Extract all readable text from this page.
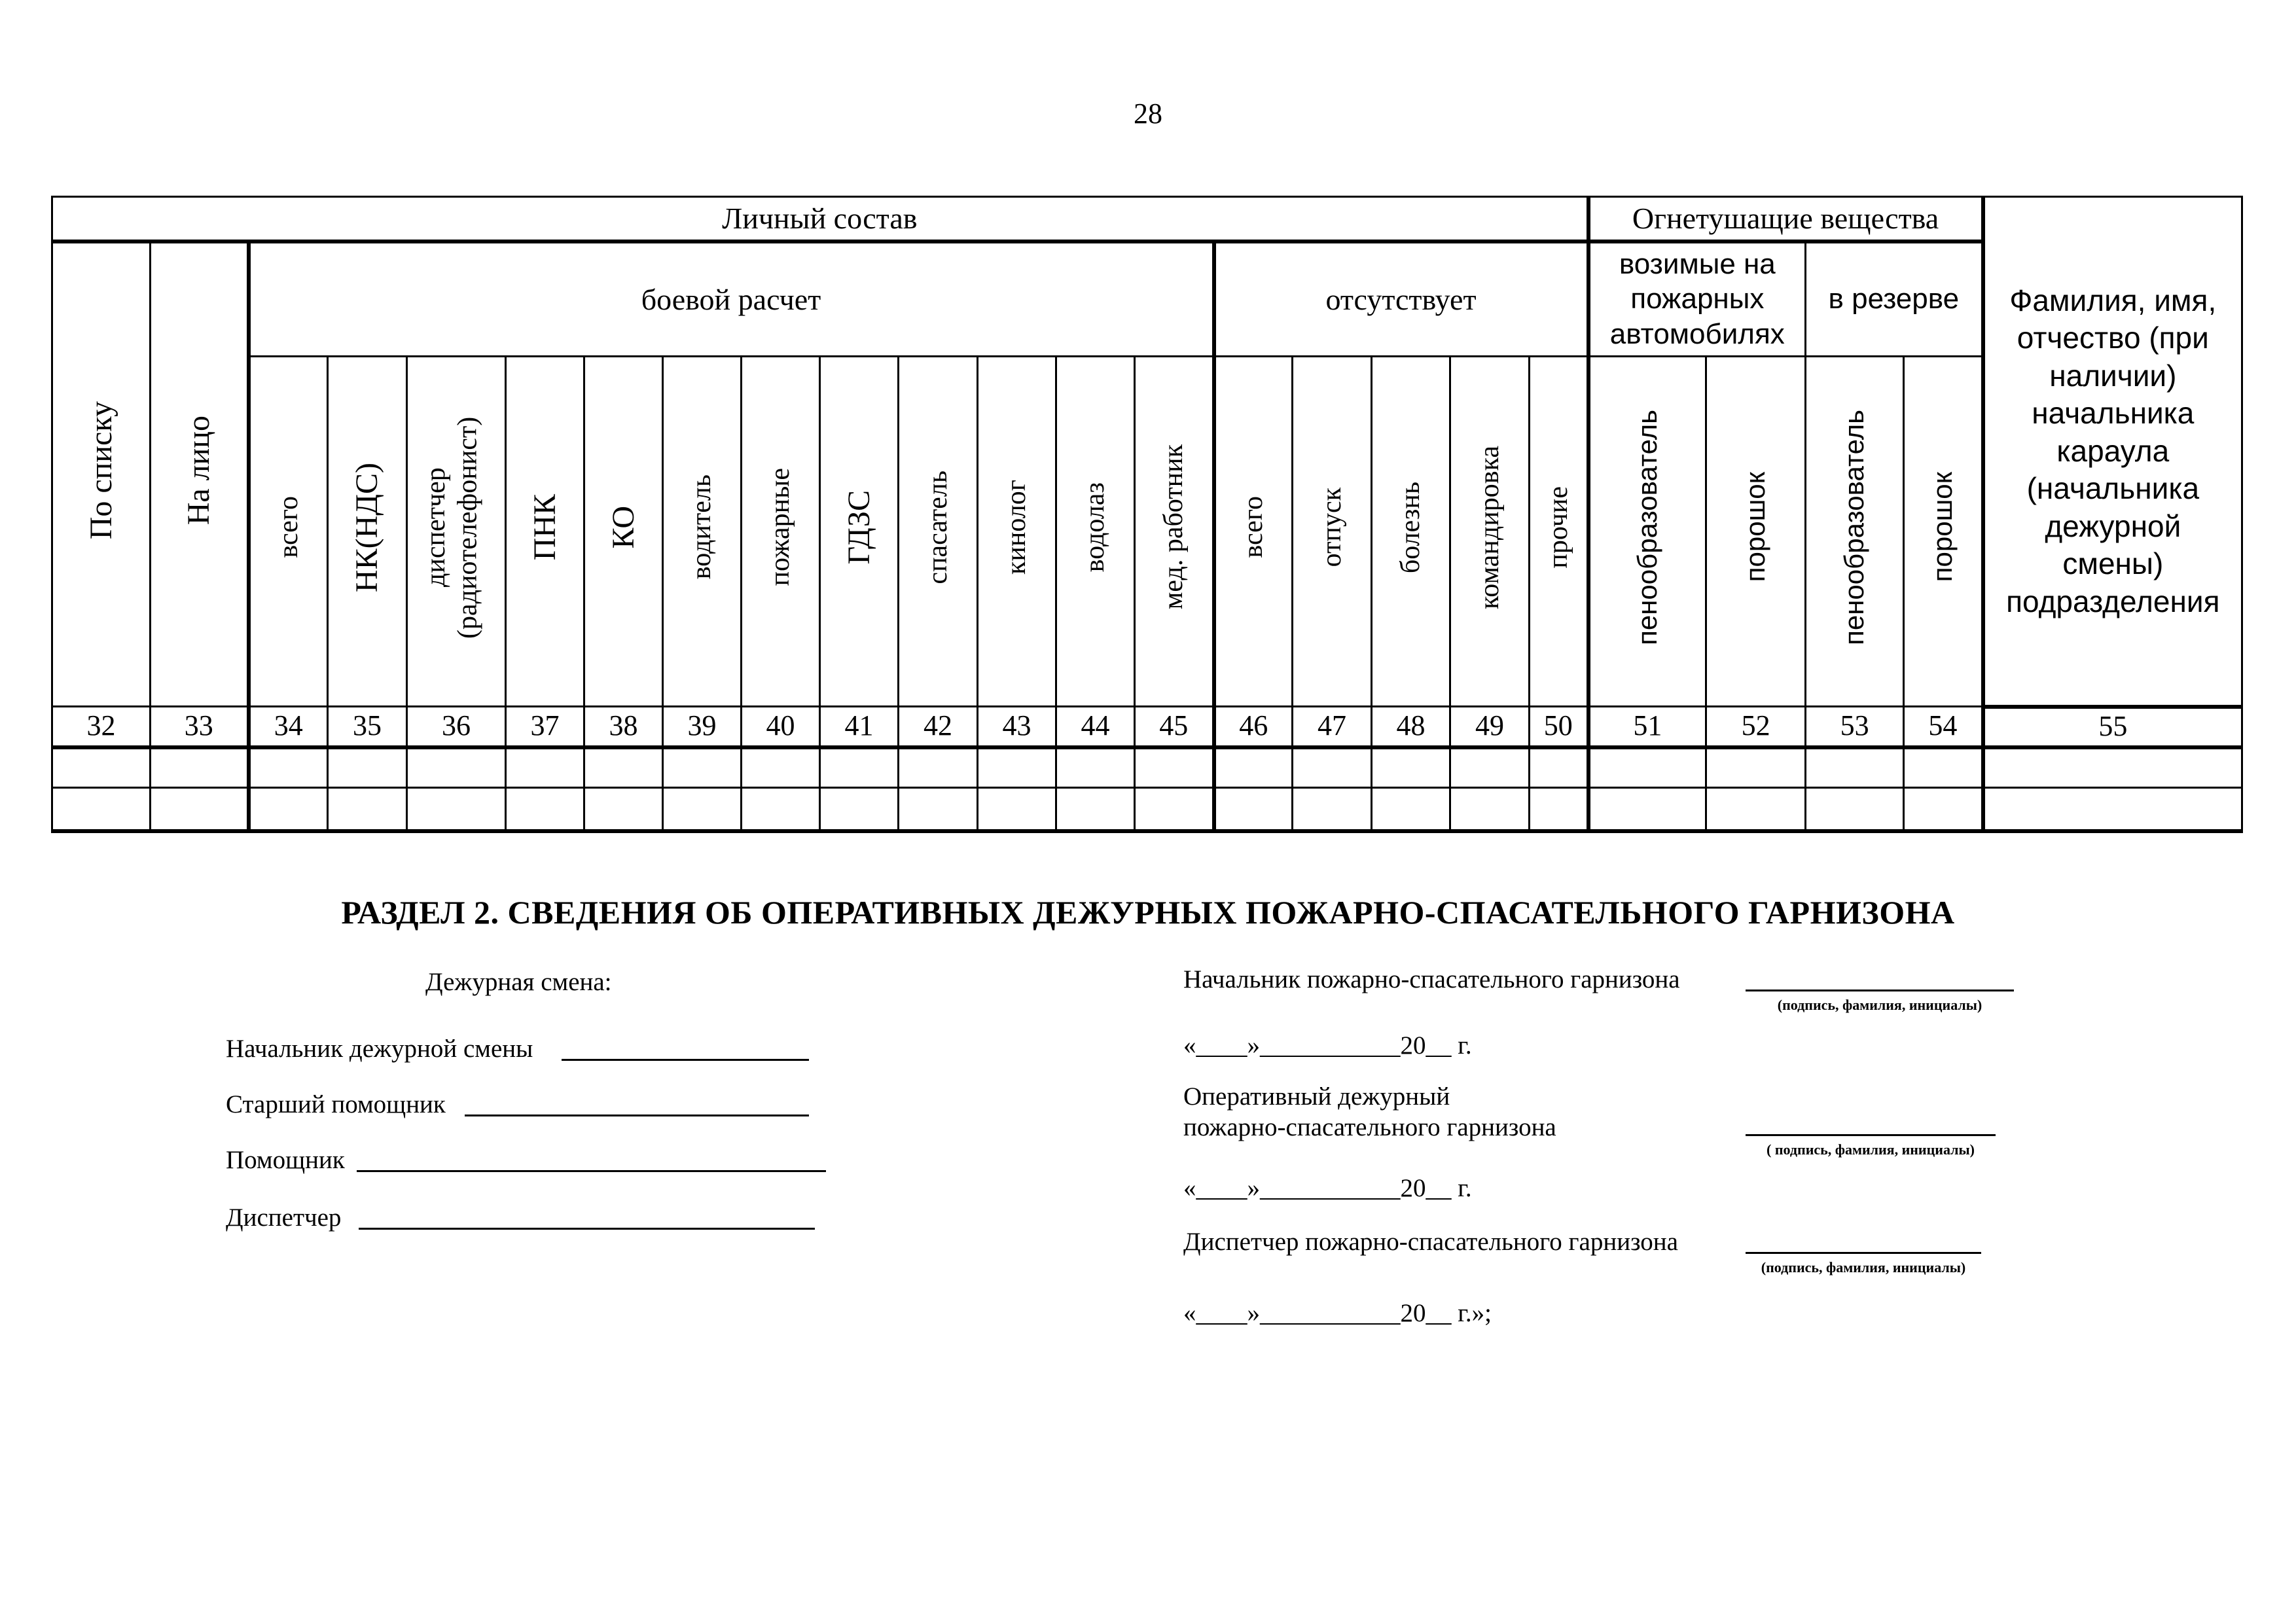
28
Личный состав																			Огнетушащие вещества				Фамилия, имя, отчество (при наличии) начальника караула (начальника дежурной смены) подразделения

По списку	На лицо	боевой расчет												отсутствует					возимые на пожарных автомобилях		в резерве		
		всего	НК(НДС)	диспетчер (радиотелефонист)	ПНК	КО	водитель	пожарные	ГДЗС	спасатель	кинолог	водолаз	мед. работник	всего	отпуск	болезнь	командировка	прочие	пенообразователь	порошок	пенообразователь	порошок	
32	33	34	35	36	37	38	39	40	41	42	43	44	45	46	47	48	49	50	51	52	53	54	55

РАЗДЕЛ 2. СВЕДЕНИЯ ОБ ОПЕРАТИВНЫХ ДЕЖУРНЫХ ПОЖАРНО-СПАСАТЕЛЬНОГО ГАРНИЗОНА
Дежурная смена:
Начальник дежурной смены
Старший помощник
Помощник
Диспетчер
Начальник пожарно-спасательного гарнизона
(подпись, фамилия, инициалы)
«____»___________20__ г.
Оперативный дежурный
пожарно-спасательного гарнизона
( подпись, фамилия, инициалы)
«____»___________20__ г.
Диспетчер пожарно-спасательного гарнизона
(подпись, фамилия, инициалы)
«____»___________20__ г.»;
